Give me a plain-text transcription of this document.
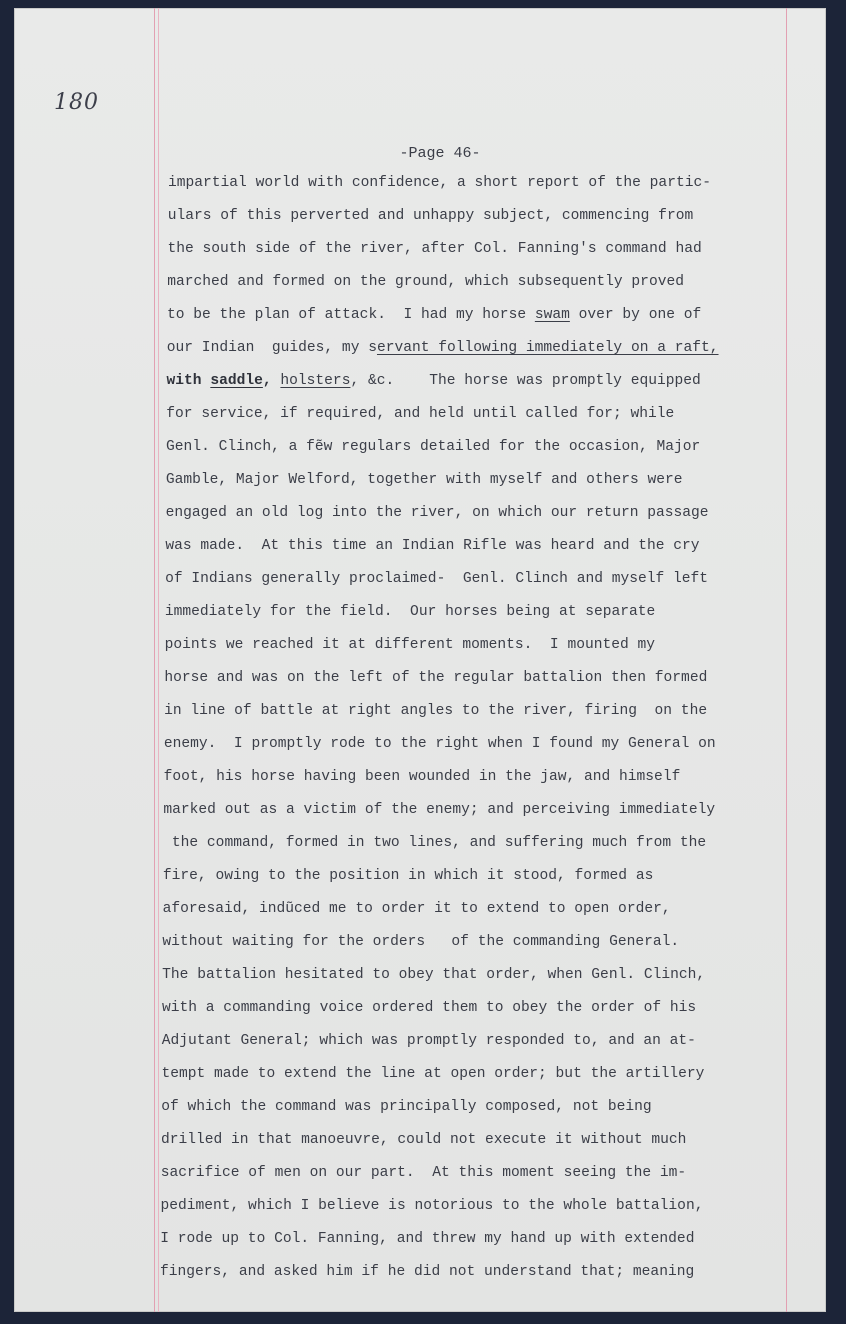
180
-Page 46-
impartial world with confidence, a short report of the partic-
ulars of this perverted and unhappy subject, commencing from
the south side of the river, after Col. Fanning's command had
marched and formed on the ground, which subsequently proved
to be the plan of attack.  I had my horse swam over by one of
our Indian  guides, my servant following immediately on a raft,
with saddle, holsters, &c.    The horse was promptly equipped
for service, if required, and held until called for; while
Genl. Clinch, a fẽw regulars detailed for the occasion, Major
Gamble, Major Welford, together with myself and others were
engaged an old log into the river, on which our return passage
was made.  At this time an Indian Rifle was heard and the cry
of Indians generally proclaimed-  Genl. Clinch and myself left
immediately for the field.  Our horses being at separate
points we reached it at different moments.  I mounted my
horse and was on the left of the regular battalion then formed
in line of battle at right angles to the river, firing  on the
enemy.  I promptly rode to the right when I found my General on
foot, his horse having been wounded in the jaw, and himself
marked out as a victim of the enemy; and perceiving immediately
the command, formed in two lines, and suffering much from the
fire, owing to the position in which it stood, formed as
aforesaid, indũced me to order it to extend to open order,
without waiting for the orders   of the commanding General.
The battalion hesitated to obey that order, when Genl. Clinch,
with a commanding voice ordered them to obey the order of his
Adjutant General; which was promptly responded to, and an at-
tempt made to extend the line at open order; but the artillery
of which the command was principally composed, not being
drilled in that manoeuvre, could not execute it without much
sacrifice of men on our part.  At this moment seeing the im-
pediment, which I believe is notorious to the whole battalion,
I rode up to Col. Fanning, and threw my hand up with extended
fingers, and asked him if he did not understand that; meaning
